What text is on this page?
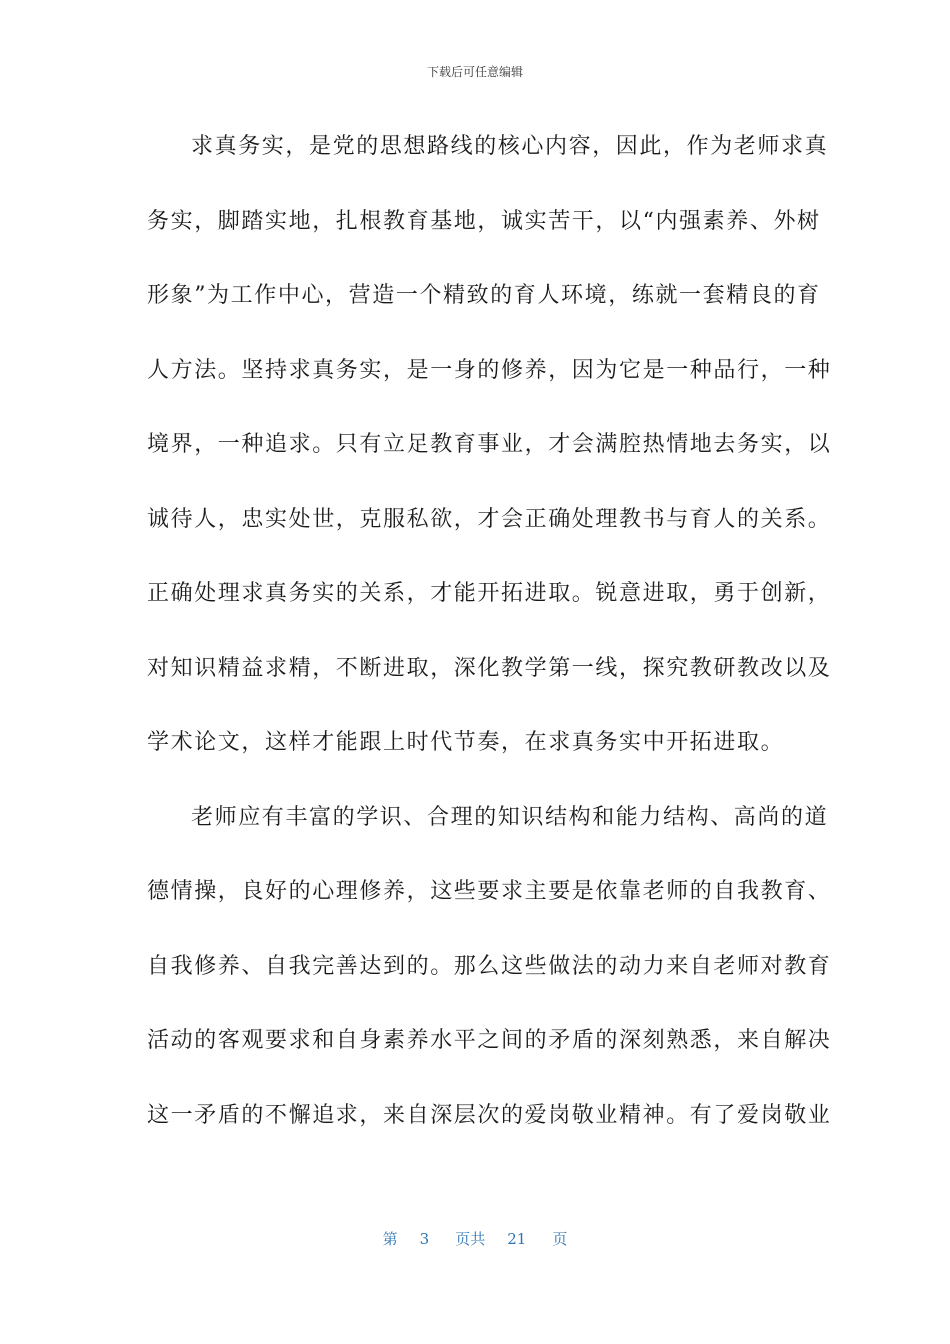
下载后可任意编辑
求真务实，是党的思想路线的核心内容，因此，作为老师求真
务实，脚踏实地，扎根教育基地，诚实苦干，以“内强素养、外树
形象”为工作中心，营造一个精致的育人环境，练就一套精良的育
人方法。坚持求真务实，是一身的修养，因为它是一种品行，一种
境界，一种追求。只有立足教育事业，才会满腔热情地去务实，以
诚待人，忠实处世，克服私欲，才会正确处理教书与育人的关系。
正确处理求真务实的关系，才能开拓进取。锐意进取，勇于创新，
对知识精益求精，不断进取，深化教学第一线，探究教研教改以及
学术论文，这样才能跟上时代节奏，在求真务实中开拓进取。
老师应有丰富的学识、合理的知识结构和能力结构、高尚的道
德情操，良好的心理修养，这些要求主要是依靠老师的自我教育、
自我修养、自我完善达到的。那么这些做法的动力来自老师对教育
活动的客观要求和自身素养水平之间的矛盾的深刻熟悉，来自解决
这一矛盾的不懈追求，来自深层次的爱岗敬业精神。有了爱岗敬业
第 3 页共 21 页
